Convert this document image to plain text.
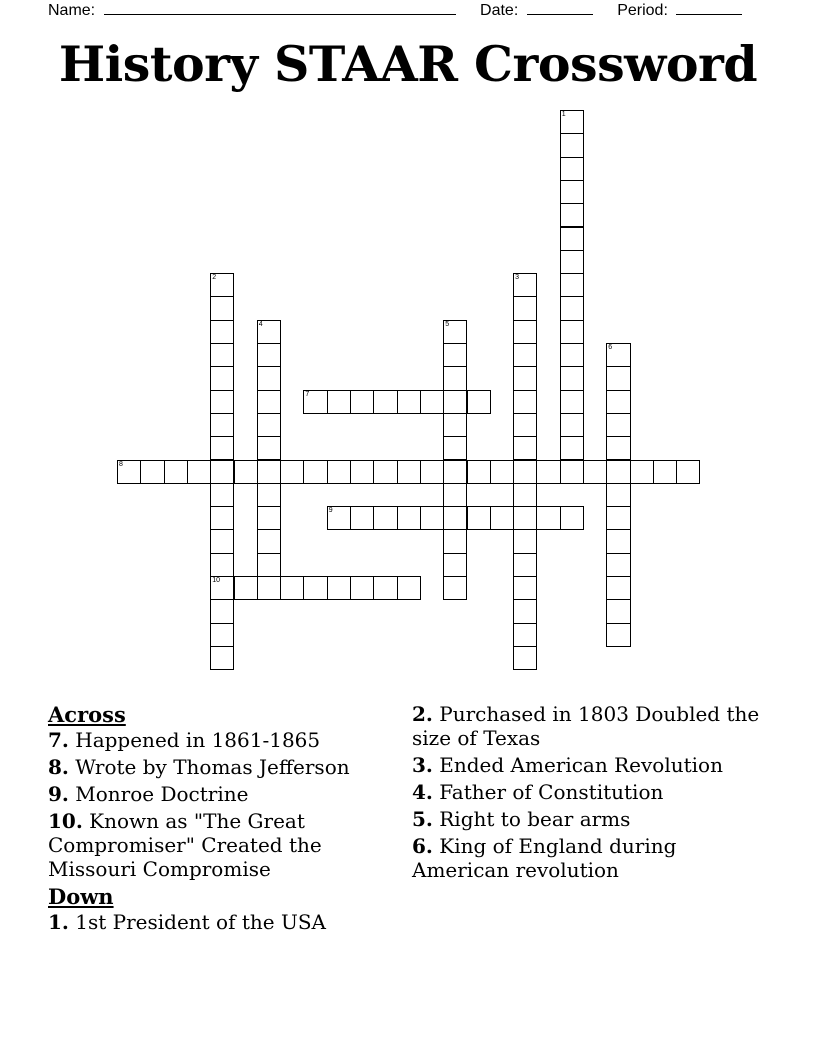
Name:	Date:	Period:
History STAAR Crossword
1
2
10
3
4	5
6
7
8
9

Across

7. Happened in 1861-1865

8. Wrote by Thomas Jefferson

9. Monroe Doctrine

10. Known as "The Great Compromiser" Created the Missouri Compromise

Down

1. 1st President of the USA

2. Purchased in 1803 Doubled the size of Texas

3. Ended American Revolution

4. Father of Constitution

5. Right to bear arms

6. King of England during American revolution
